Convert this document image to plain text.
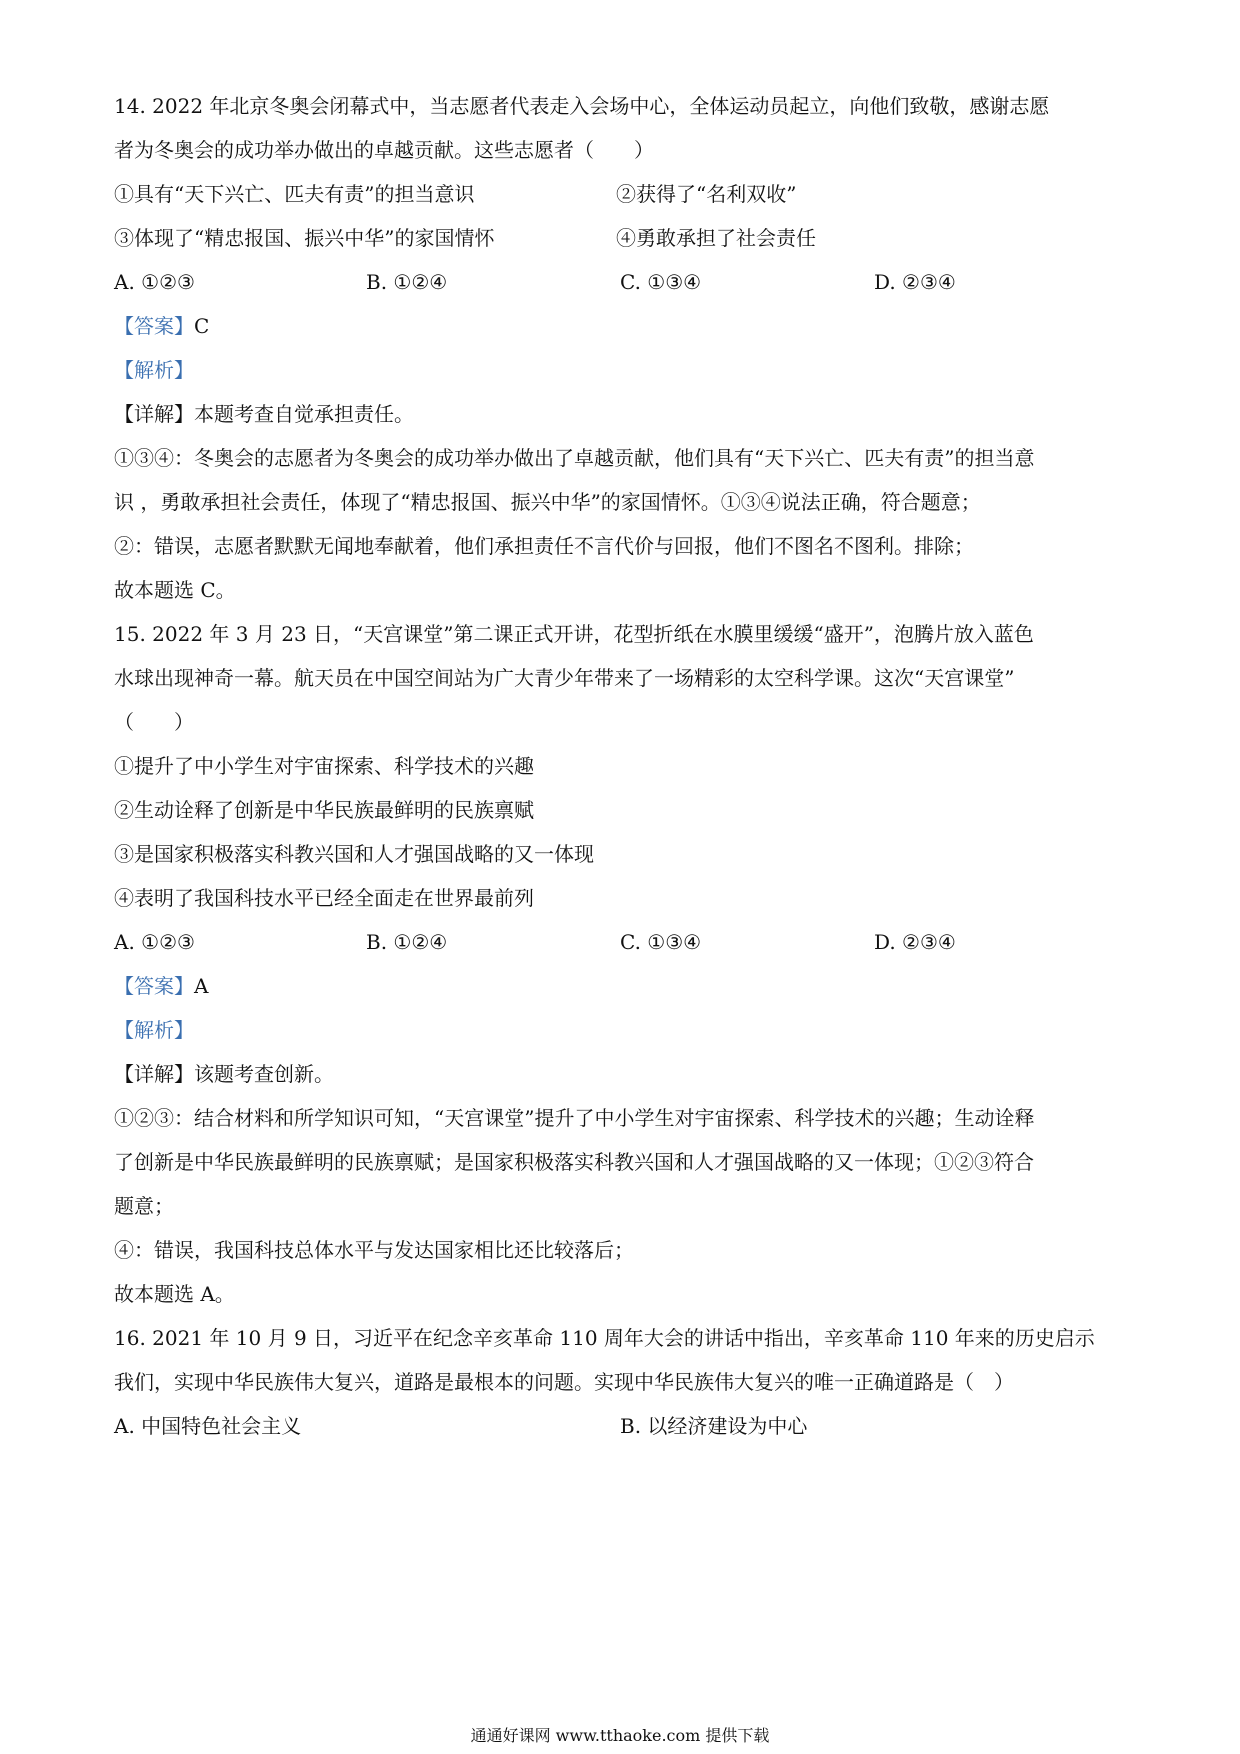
14. 2022 年北京冬奥会闭幕式中，当志愿者代表走入会场中心，全体运动员起立，向他们致敬，感谢志愿
者为冬奥会的成功举办做出的卓越贡献。这些志愿者（　　）
①具有“天下兴亡、匹夫有责”的担当意识	②获得了“名利双收”
③体现了“精忠报国、振兴中华”的家国情怀	④勇敢承担了社会责任
A. ①②③	B. ①②④	C. ①③④	D. ②③④
【答案】C
【解析】
【详解】本题考查自觉承担责任。
①③④：冬奥会的志愿者为冬奥会的成功举办做出了卓越贡献，他们具有“天下兴亡、匹夫有责”的担当意
识 ，勇敢承担社会责任，体现了“精忠报国、振兴中华”的家国情怀。①③④说法正确，符合题意；
②：错误，志愿者默默无闻地奉献着，他们承担责任不言代价与回报，他们不图名不图利。排除；
故本题选 C。
15. 2022 年 3 月 23 日，“天宫课堂”第二课正式开讲，花型折纸在水膜里缓缓“盛开”，泡腾片放入蓝色
水球出现神奇一幕。航天员在中国空间站为广大青少年带来了一场精彩的太空科学课。这次“天宫课堂”
（　　）
①提升了中小学生对宇宙探索、科学技术的兴趣
②生动诠释了创新是中华民族最鲜明的民族禀赋
③是国家积极落实科教兴国和人才强国战略的又一体现
④表明了我国科技水平已经全面走在世界最前列
A. ①②③	B. ①②④	C. ①③④	D. ②③④
【答案】A
【解析】
【详解】该题考查创新。
①②③：结合材料和所学知识可知，“天宫课堂”提升了中小学生对宇宙探索、科学技术的兴趣；生动诠释
了创新是中华民族最鲜明的民族禀赋；是国家积极落实科教兴国和人才强国战略的又一体现；①②③符合
题意；
④：错误，我国科技总体水平与发达国家相比还比较落后；
故本题选 A。
16. 2021 年 10 月 9 日，习近平在纪念辛亥革命 110 周年大会的讲话中指出，辛亥革命 110 年来的历史启示
我们，实现中华民族伟大复兴，道路是最根本的问题。实现中华民族伟大复兴的唯一正确道路是（　）
A. 中国特色社会主义	B. 以经济建设为中心
通通好课网 www.tthaoke.com 提供下载
